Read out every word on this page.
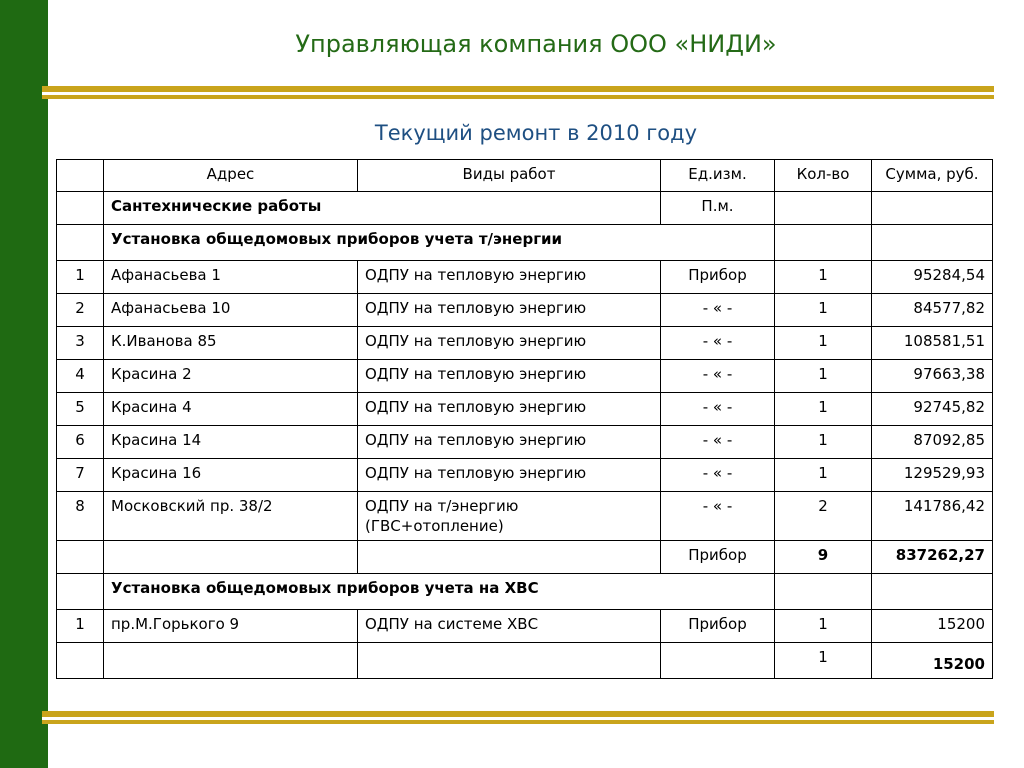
Управляющая компания ООО «НИДИ»
Текущий ремонт в 2010 году
	Адрес	Виды работ	Ед.изм.	Кол-во	Сумма, руб.
	Сантехнические работы		П.м.		
	Установка общедомовых приборов учета т/энергии				
1	Афанасьева 1	ОДПУ на тепловую энергию	Прибор	1	95284,54
2	Афанасьева 10	ОДПУ на тепловую энергию	- « -	1	84577,82
3	К.Иванова 85	ОДПУ на тепловую энергию	- « -	1	108581,51
4	Красина 2	ОДПУ на тепловую энергию	- « -	1	97663,38
5	Красина 4	ОДПУ на тепловую энергию	- « -	1	92745,82
6	Красина 14	ОДПУ на тепловую энергию	- « -	1	87092,85
7	Красина 16	ОДПУ на тепловую энергию	- « -	1	129529,93
8	Московский пр. 38/2	ОДПУ на т/энергию (ГВС+отопление)	- « -	2	141786,42
			Прибор	9	837262,27
	Установка общедомовых приборов учета на ХВС				
1	пр.М.Горького 9	ОДПУ на системе ХВС	Прибор	1	15200
				1	15200
